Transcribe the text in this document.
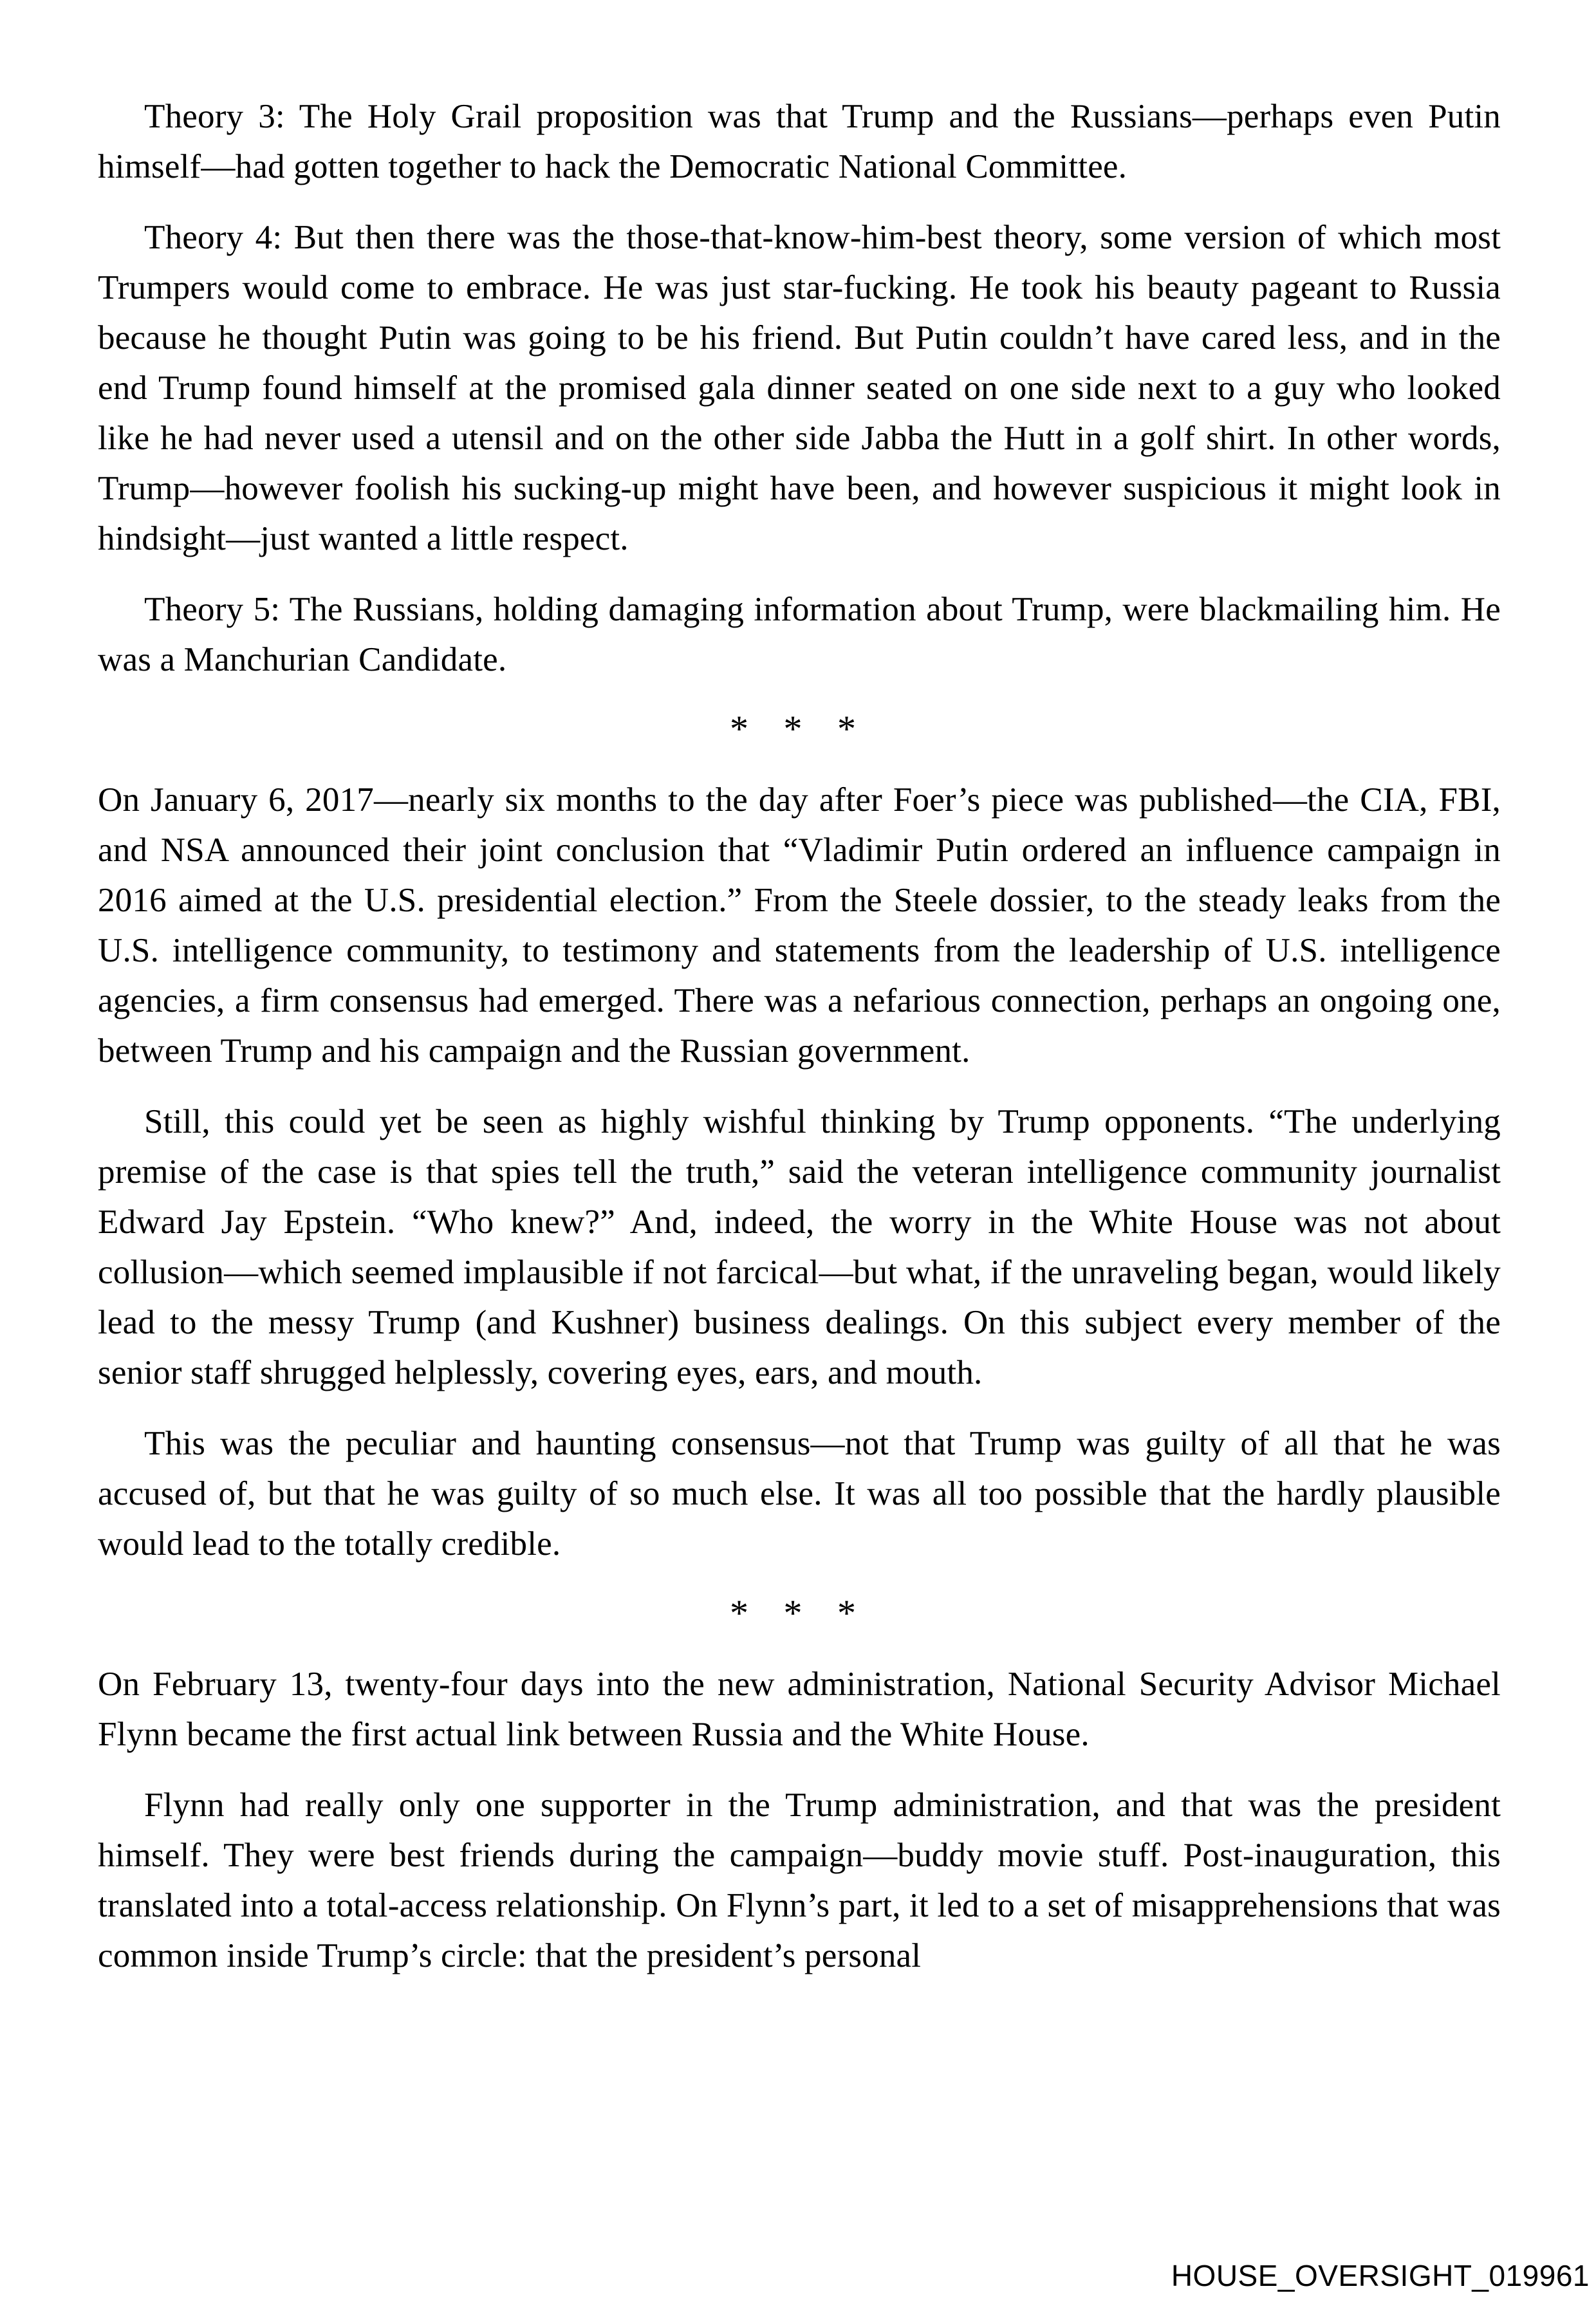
Theory 3: The Holy Grail proposition was that Trump and the Russians—perhaps even Putin himself—had gotten together to hack the Democratic National Committee.

Theory 4: But then there was the those-that-know-him-best theory, some version of which most Trumpers would come to embrace. He was just star-fucking. He took his beauty pageant to Russia because he thought Putin was going to be his friend. But Putin couldn’t have cared less, and in the end Trump found himself at the promised gala dinner seated on one side next to a guy who looked like he had never used a utensil and on the other side Jabba the Hutt in a golf shirt. In other words, Trump—however foolish his sucking-up might have been, and however suspicious it might look in hindsight—just wanted a little respect.

Theory 5: The Russians, holding damaging information about Trump, were blackmailing him. He was a Manchurian Candidate.

* * *

On January 6, 2017—nearly six months to the day after Foer’s piece was published—the CIA, FBI, and NSA announced their joint conclusion that “Vladimir Putin ordered an influence campaign in 2016 aimed at the U.S. presidential election.” From the Steele dossier, to the steady leaks from the U.S. intelligence community, to testimony and statements from the leadership of U.S. intelligence agencies, a firm consensus had emerged. There was a nefarious connection, perhaps an ongoing one, between Trump and his campaign and the Russian government.

Still, this could yet be seen as highly wishful thinking by Trump opponents. “The underlying premise of the case is that spies tell the truth,” said the veteran intelligence community journalist Edward Jay Epstein. “Who knew?” And, indeed, the worry in the White House was not about collusion—which seemed implausible if not farcical—but what, if the unraveling began, would likely lead to the messy Trump (and Kushner) business dealings. On this subject every member of the senior staff shrugged helplessly, covering eyes, ears, and mouth.

This was the peculiar and haunting consensus—not that Trump was guilty of all that he was accused of, but that he was guilty of so much else. It was all too possible that the hardly plausible would lead to the totally credible.

* * *

On February 13, twenty-four days into the new administration, National Security Advisor Michael Flynn became the first actual link between Russia and the White House.

Flynn had really only one supporter in the Trump administration, and that was the president himself. They were best friends during the campaign—buddy movie stuff. Post-inauguration, this translated into a total-access relationship. On Flynn’s part, it led to a set of misapprehensions that was common inside Trump’s circle: that the president’s personal

HOUSE_OVERSIGHT_019961
